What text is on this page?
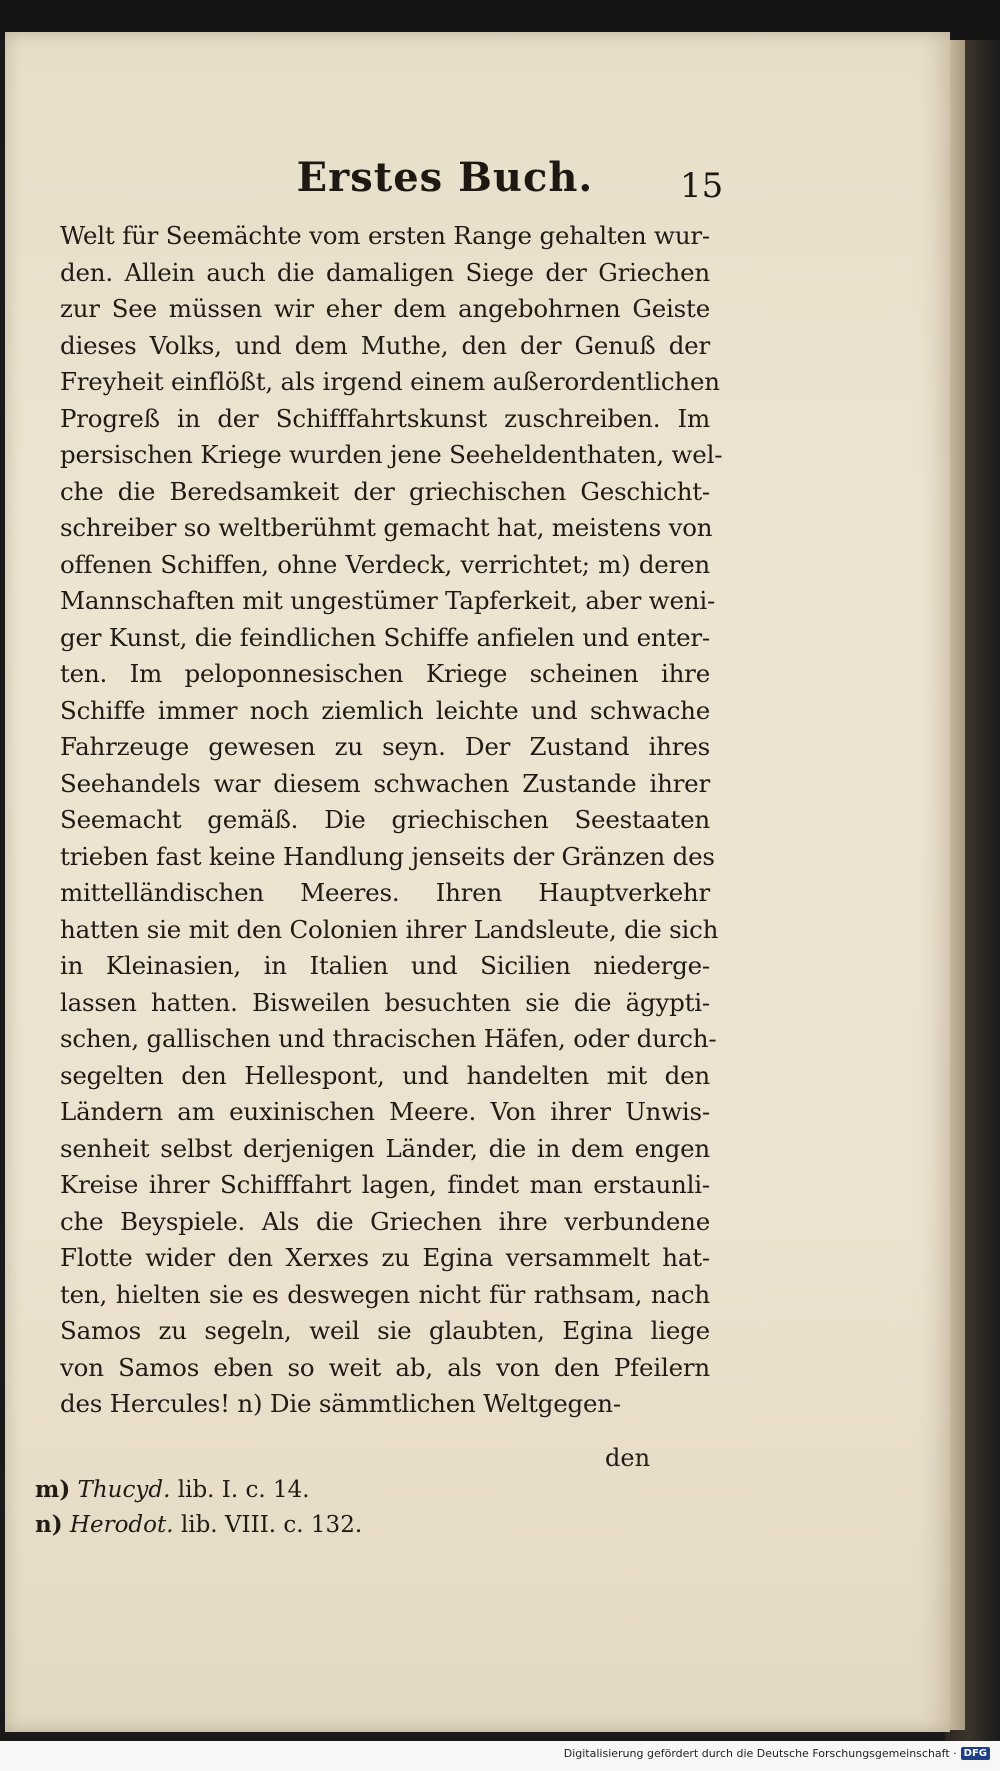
Erstes Buch.	15
Welt für Seemächte vom ersten Range gehalten wur-
den. Allein auch die damaligen Siege der Griechen
zur See müssen wir eher dem angebohrnen Geiste
dieses Volks, und dem Muthe, den der Genuß der
Freyheit einflößt, als irgend einem außerordentlichen
Progreß in der Schifffahrtskunst zuschreiben. Im
persischen Kriege wurden jene Seeheldenthaten, wel-
che die Beredsamkeit der griechischen Geschicht-
schreiber so weltberühmt gemacht hat, meistens von
offenen Schiffen, ohne Verdeck, verrichtet; m) deren
Mannschaften mit ungestümer Tapferkeit, aber weni-
ger Kunst, die feindlichen Schiffe anfielen und enter-
ten. Im peloponnesischen Kriege scheinen ihre
Schiffe immer noch ziemlich leichte und schwache
Fahrzeuge gewesen zu seyn. Der Zustand ihres
Seehandels war diesem schwachen Zustande ihrer
Seemacht gemäß. Die griechischen Seestaaten
trieben fast keine Handlung jenseits der Gränzen des
mittelländischen Meeres. Ihren Hauptverkehr
hatten sie mit den Colonien ihrer Landsleute, die sich
in Kleinasien, in Italien und Sicilien niederge-
lassen hatten. Bisweilen besuchten sie die ägypti-
schen, gallischen und thracischen Häfen, oder durch-
segelten den Hellespont, und handelten mit den
Ländern am euxinischen Meere. Von ihrer Unwis-
senheit selbst derjenigen Länder, die in dem engen
Kreise ihrer Schifffahrt lagen, findet man erstaunli-
che Beyspiele. Als die Griechen ihre verbundene
Flotte wider den Xerxes zu Egina versammelt hat-
ten, hielten sie es deswegen nicht für rathsam, nach
Samos zu segeln, weil sie glaubten, Egina liege
von Samos eben so weit ab, als von den Pfeilern
des Hercules! n) Die sämmtlichen Weltgegen-
den
m) Thucyd. lib. I. c. 14.
n) Herodot. lib. VIII. c. 132.
Digitalisierung gefördert durch die Deutsche Forschungsgemeinschaft · DFG
